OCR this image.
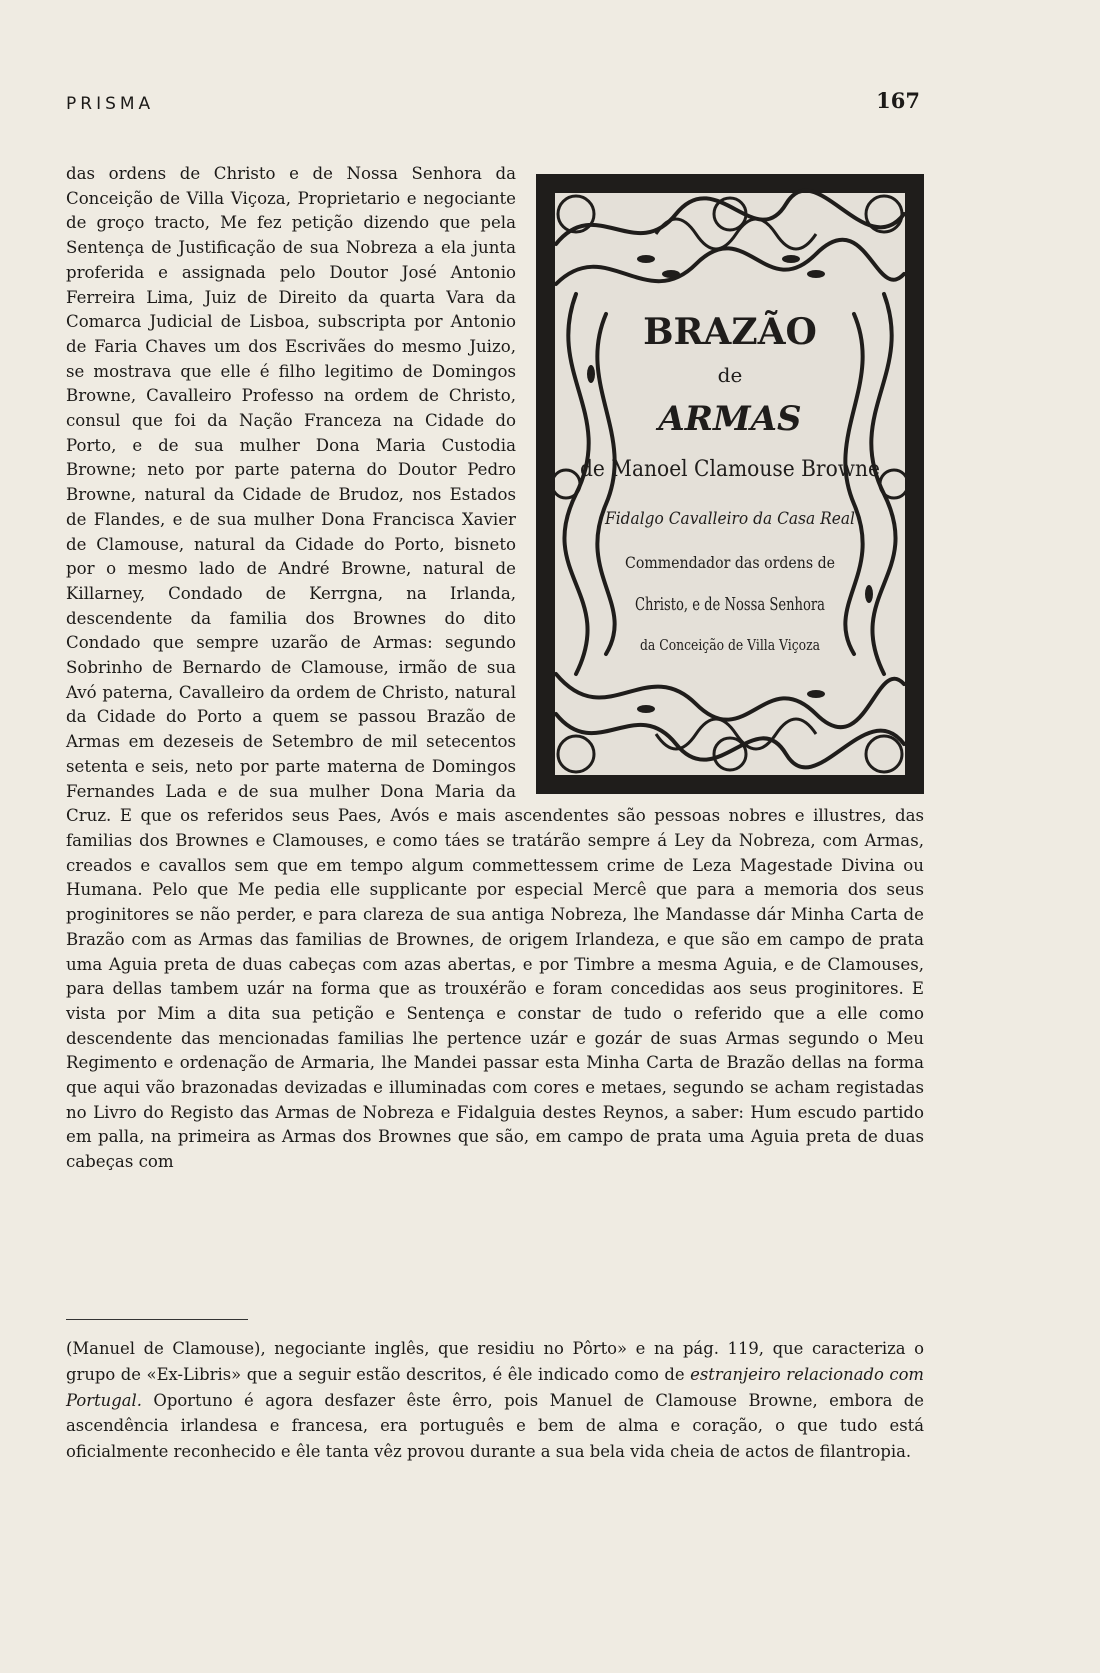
PRISMA	167
BRAZÃO
de
ARMAS
de Manoel Clamouse Browne
Fidalgo Cavalleiro da Casa Real
Commendador das ordens de
Christo, e de Nossa Senhora
da Conceição de Villa Viçoza

das ordens de Christo e de Nossa Senhora da Conceição de Villa Viçoza, Proprietario e negociante de groço tracto, Me fez petição dizendo que pela Sentença de Justificação de sua Nobreza a ela junta proferida e assignada pelo Doutor José Antonio Ferreira Lima, Juiz de Direito da quarta Vara da Comarca Judicial de Lisboa, subscripta por Antonio de Faria Chaves um dos Escrivães do mesmo Juizo, se mostrava que elle é filho legitimo de Domingos Browne, Cavalleiro Professo na ordem de Christo, consul que foi da Nação Franceza na Cidade do Porto, e de sua mulher Dona Maria Custodia Browne; neto por parte paterna do Doutor Pedro Browne, natural da Cidade de Brudoz, nos Estados de Flandes, e de sua mulher Dona Francisca Xavier de Clamouse, natural da Cidade do Porto, bisneto por o mesmo lado de André Browne, natural de Killarney, Condado de Kerrgna, na Irlanda, descendente da familia dos Brownes do dito Condado que sempre uzarão de Armas: segundo Sobrinho de Bernardo de Clamouse, irmão de sua Avó paterna, Cavalleiro da ordem de Christo, natural da Cidade do Porto a quem se passou Brazão de Armas em dezeseis de Setembro de mil setecentos setenta e seis, neto por parte materna de Domingos Fernandes Lada e de sua mulher Dona Maria da Cruz. E que os referidos seus Paes, Avós e mais ascendentes são pessoas nobres e illustres, das familias dos Brownes e Clamouses, e como táes se tratárão sempre á Ley da Nobreza, com Armas, creados e cavallos sem que em tempo algum commettessem crime de Leza Magestade Divina ou Humana. Pelo que Me pedia elle supplicante por especial Mercê que para a memoria dos seus proginitores se não perder, e para clareza de sua antiga Nobreza, lhe Mandasse dár Minha Carta de Brazão com as Armas das familias de Brownes, de origem Irlandeza, e que são em campo de prata uma Aguia preta de duas cabeças com azas abertas, e por Timbre a mesma Aguia, e de Clamouses, para dellas tambem uzár na forma que as trouxérão e foram concedidas aos seus proginitores. E vista por Mim a dita sua petição e Sentença e constar de tudo o referido que a elle como descendente das mencionadas familias lhe pertence uzár e gozár de suas Armas segundo o Meu Regimento e ordenação de Armaria, lhe Mandei passar esta Minha Carta de Brazão dellas na forma que aqui vão brazonadas devizadas e illuminadas com cores e metaes, segundo se acham registadas no Livro do Registo das Armas de Nobreza e Fidalguia destes Reynos, a saber: Hum escudo partido em palla, na primeira as Armas dos Brownes que são, em campo de prata uma Aguia preta de duas cabeças com

(Manuel de Clamouse), negociante inglês, que residiu no Pôrto» e na pág. 119, que caracteriza o grupo de «Ex-Libris» que a seguir estão descritos, é êle indicado como de estranjeiro relacionado com Portugal. Oportuno é agora desfazer êste êrro, pois Manuel de Clamouse Browne, embora de ascendência irlandesa e francesa, era português e bem de alma e coração, o que tudo está oficialmente reconhecido e êle tanta vêz provou durante a sua bela vida cheia de actos de filantropia.
